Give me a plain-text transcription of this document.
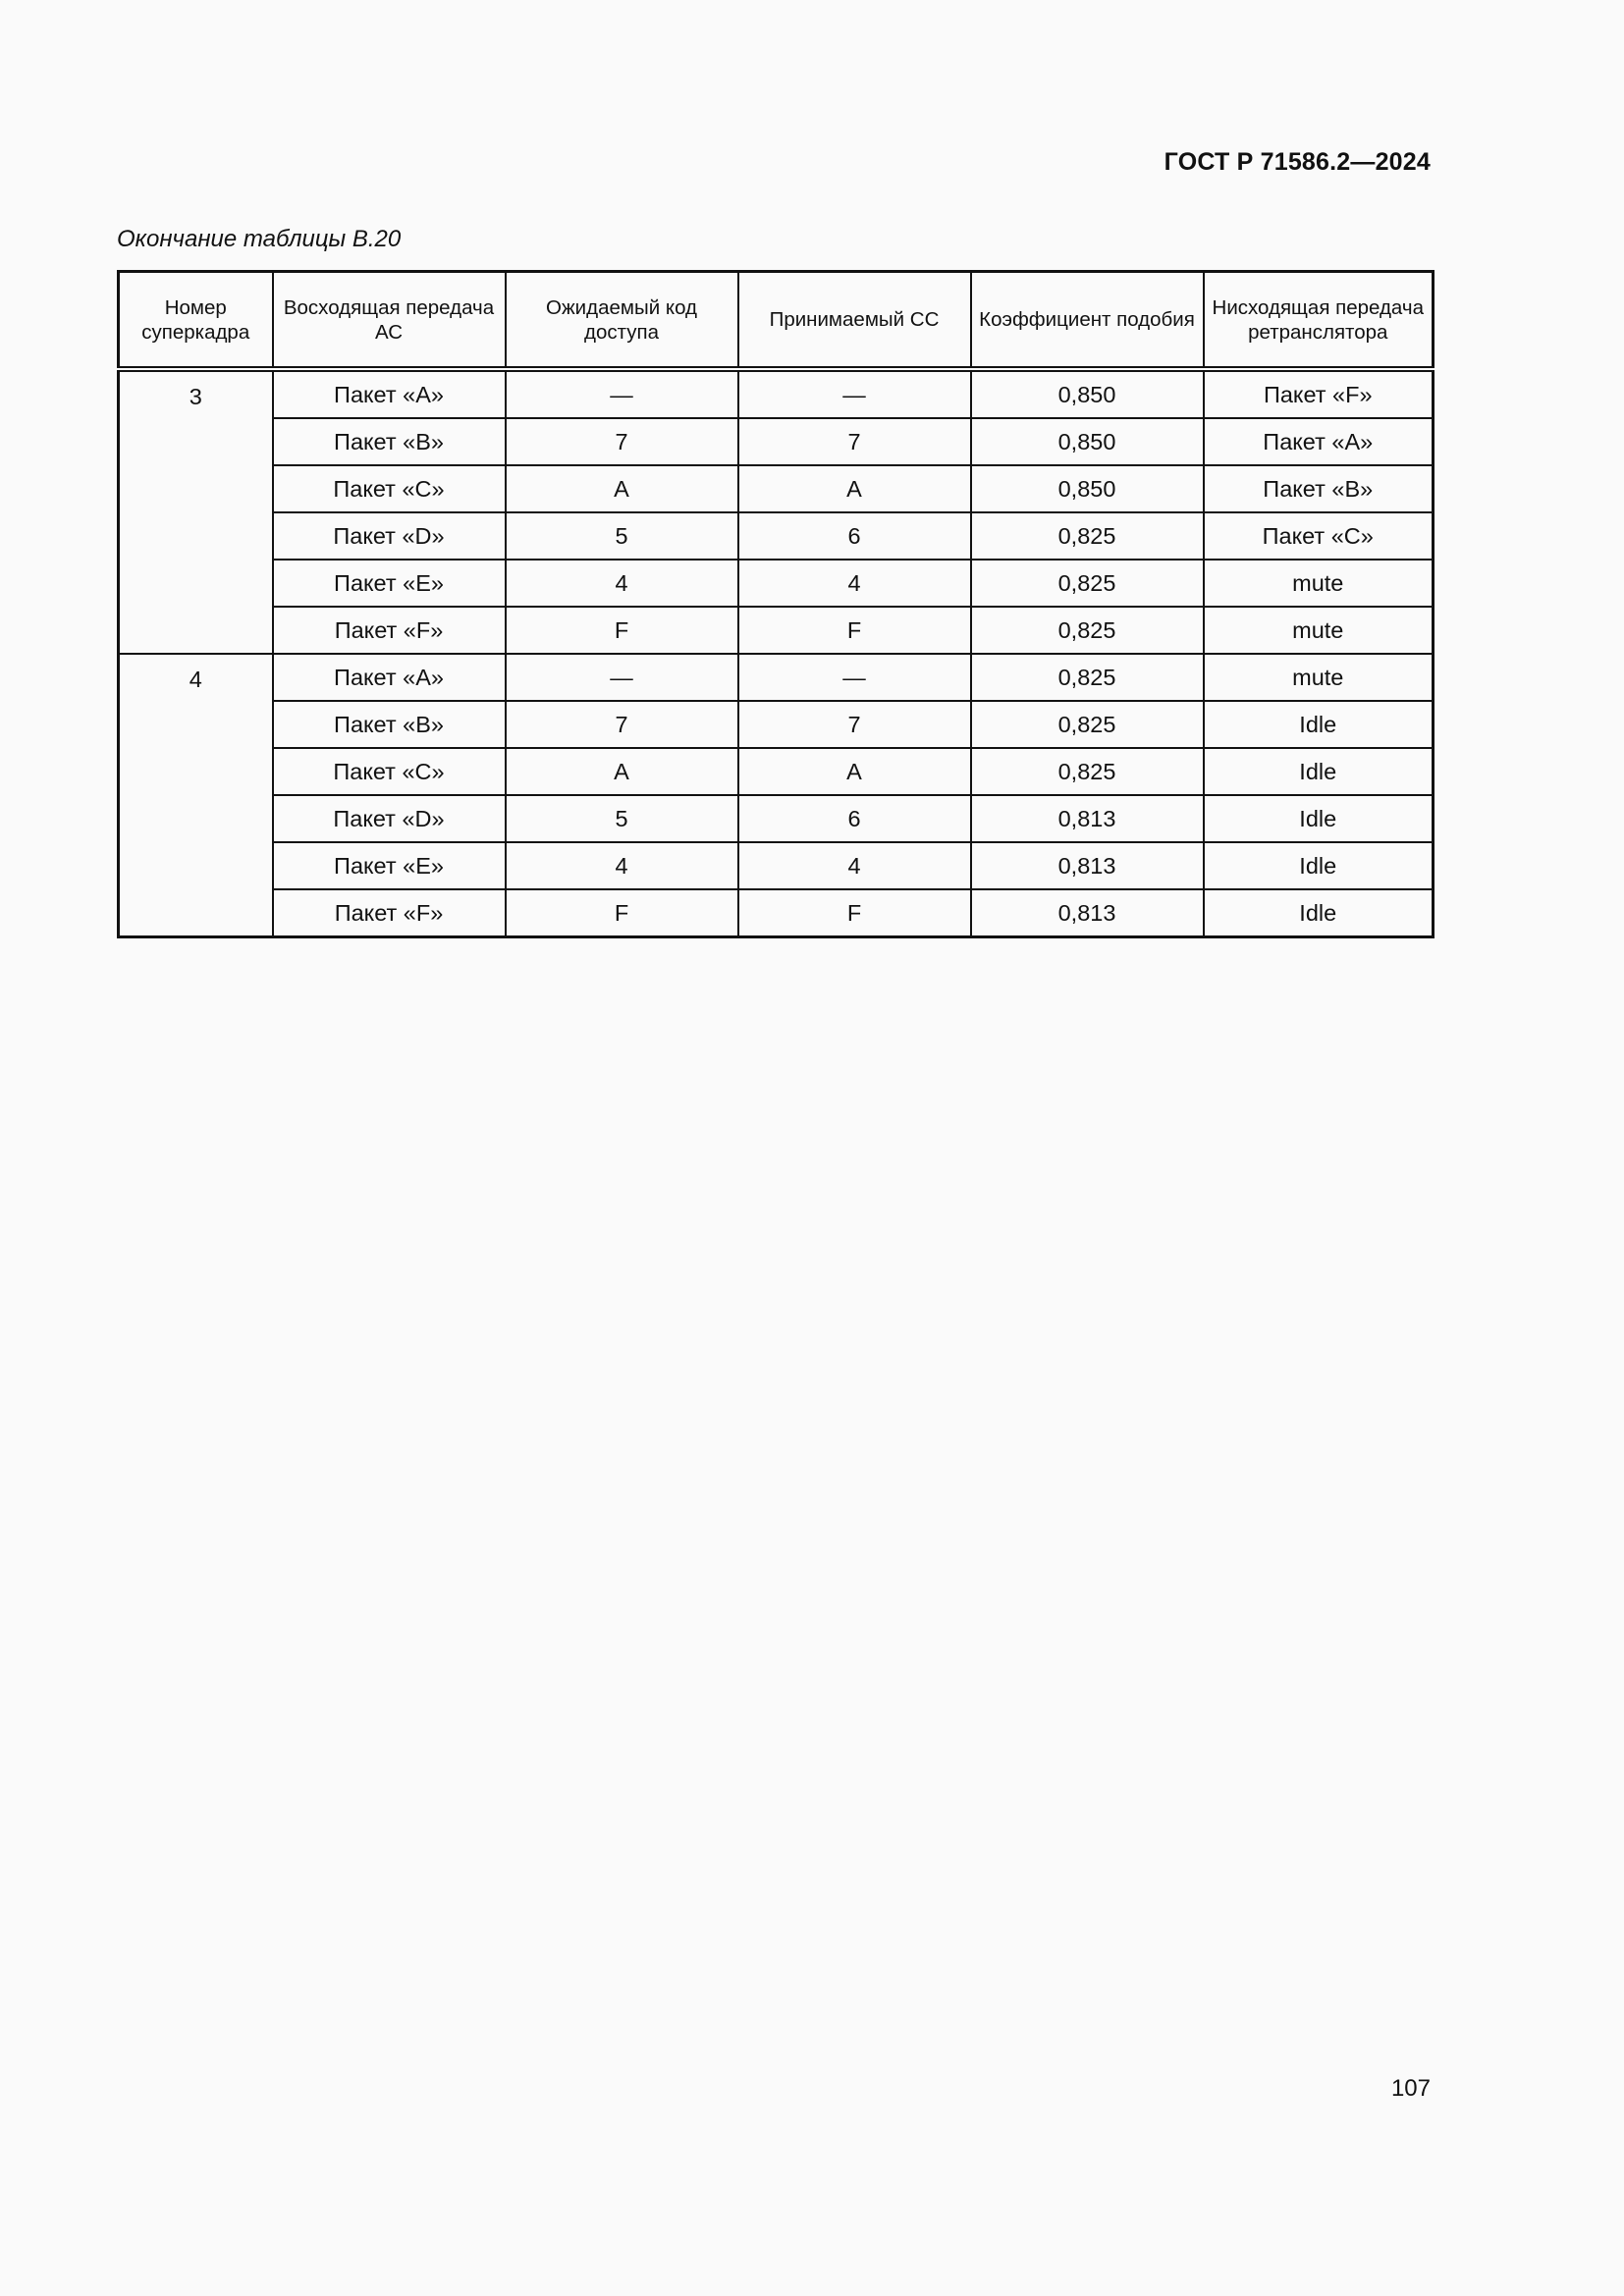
ГОСТ Р 71586.2—2024
Окончание таблицы В.20
Номер суперкадра	Восходящая передача АС	Ожидаемый код доступа	Принимаемый СС	Коэффициент подобия	Нисходящая передача ретранслятора
3	Пакет «A»	—	—	0,850	Пакет «F»
	Пакет «B»	7	7	0,850	Пакет «A»
	Пакет «C»	A	A	0,850	Пакет «B»
	Пакет «D»	5	6	0,825	Пакет «C»
	Пакет «E»	4	4	0,825	mute
	Пакет «F»	F	F	0,825	mute
4	Пакет «A»	—	—	0,825	mute
	Пакет «B»	7	7	0,825	Idle
	Пакет «C»	A	A	0,825	Idle
	Пакет «D»	5	6	0,813	Idle
	Пакет «E»	4	4	0,813	Idle
	Пакет «F»	F	F	0,813	Idle
107
